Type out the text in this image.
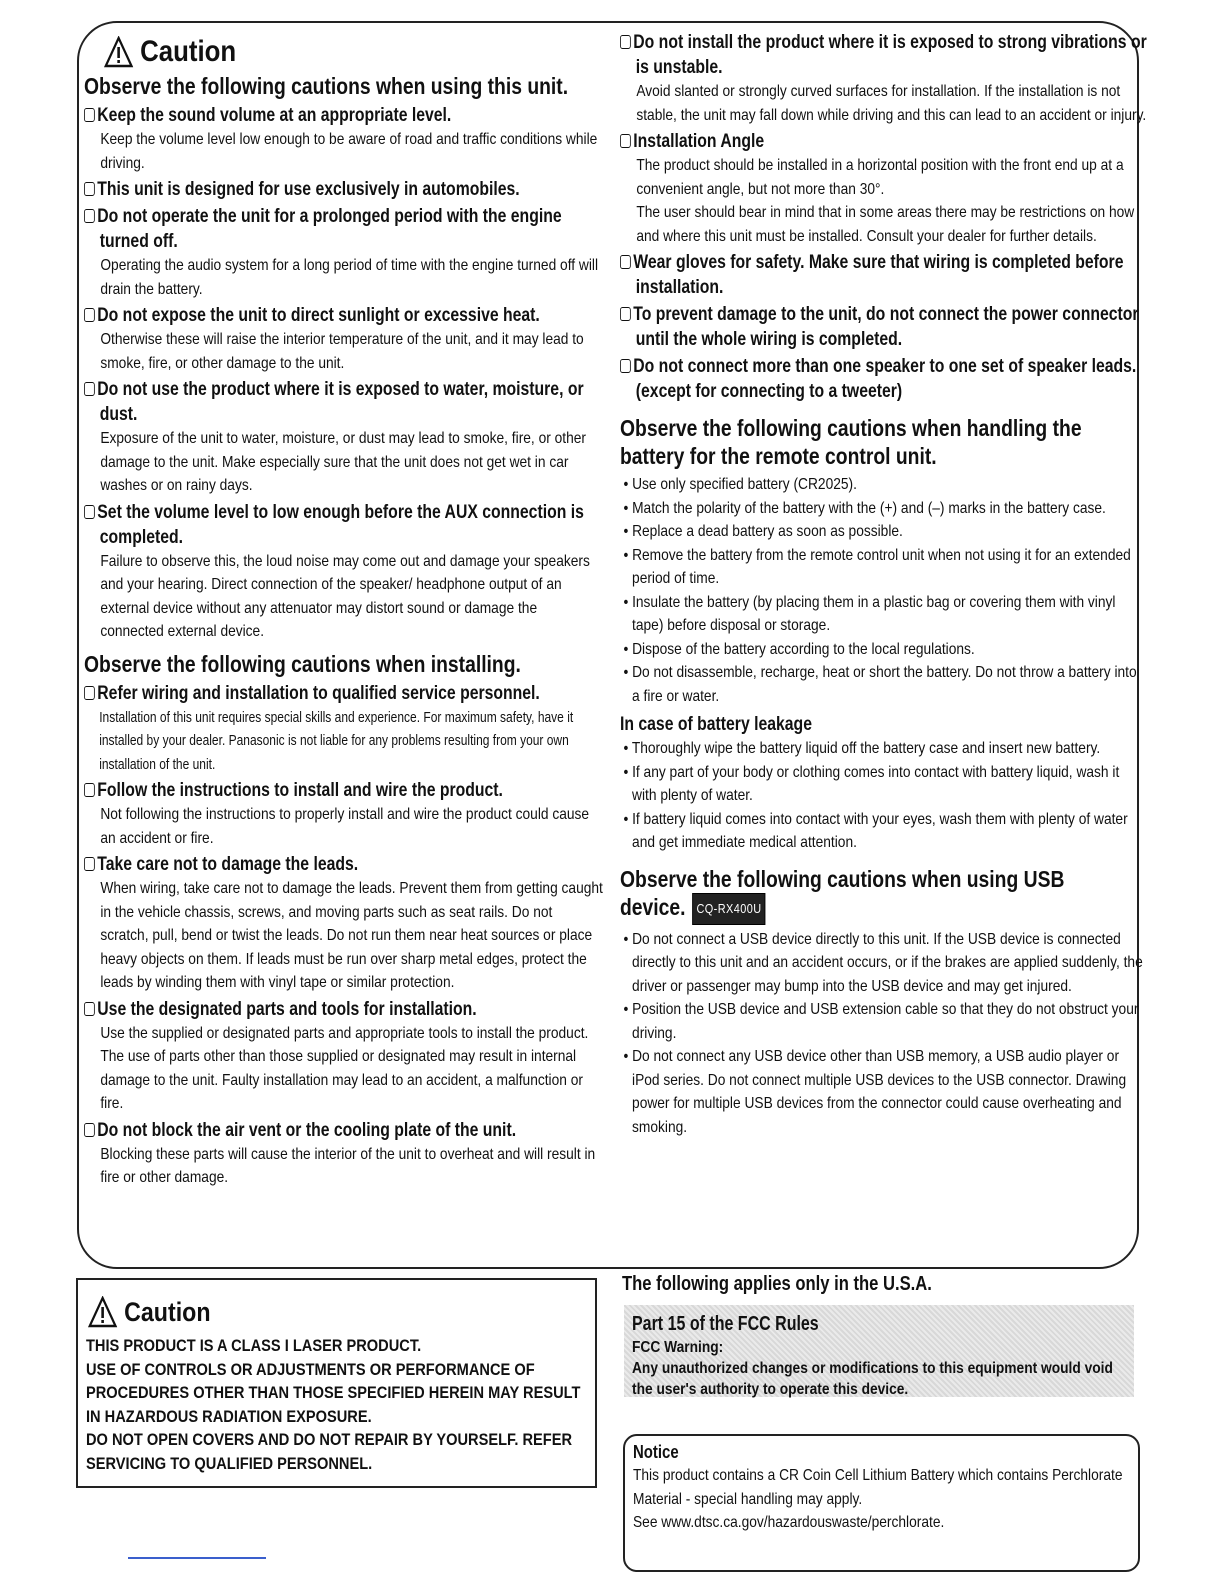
Caution
Observe the following cautions when using this unit.
Keep the sound volume at an appropriate level.
Keep the volume level low enough to be aware of road and traffic conditions while driving.
This unit is designed for use exclusively in automobiles.
Do not operate the unit for a prolonged period with the engine turned off.
Operating the audio system for a long period of time with the engine turned off will drain the battery.
Do not expose the unit to direct sunlight or excessive heat.
Otherwise these will raise the interior temperature of the unit, and it may lead to smoke, fire, or other damage to the unit.
Do not use the product where it is exposed to water, moisture, or dust.
Exposure of the unit to water, moisture, or dust may lead to smoke, fire, or other damage to the unit. Make especially sure that the unit does not get wet in car washes or on rainy days.
Set the volume level to low enough before the AUX connection is completed.
Failure to observe this, the loud noise may come out and damage your speakers and your hearing. Direct connection of the speaker/ headphone output of an external device without any attenuator may distort sound or damage the connected external device.
Observe the following cautions when installing.
Refer wiring and installation to qualified service personnel.
Installation of this unit requires special skills and experience. For maximum safety, have it installed by your dealer. Panasonic is not liable for any problems resulting from your own installation of the unit.
Follow the instructions to install and wire the product.
Not following the instructions to properly install and wire the product could cause an accident or fire.
Take care not to damage the leads.
When wiring, take care not to damage the leads. Prevent them from getting caught in the vehicle chassis, screws, and moving parts such as seat rails. Do not scratch, pull, bend or twist the leads. Do not run them near heat sources or place heavy objects on them. If leads must be run over sharp metal edges, protect the leads by winding them with vinyl tape or similar protection.
Use the designated parts and tools for installation.
Use the supplied or designated parts and appropriate tools to install the product. The use of parts other than those supplied or designated may result in internal damage to the unit. Faulty installation may lead to an accident, a malfunction or fire.
Do not block the air vent or the cooling plate of the unit.
Blocking these parts will cause the interior of the unit to overheat and will result in fire or other damage.
Do not install the product where it is exposed to strong vibrations or is unstable.
Avoid slanted or strongly curved surfaces for installation. If the installation is not stable, the unit may fall down while driving and this can lead to an accident or injury.
Installation Angle
The product should be installed in a horizontal position with the front end up at a convenient angle, but not more than 30°.
The user should bear in mind that in some areas there may be restrictions on how and where this unit must be installed. Consult your dealer for further details.
Wear gloves for safety. Make sure that wiring is completed before installation.
To prevent damage to the unit, do not connect the power connector until the whole wiring is completed.
Do not connect more than one speaker to one set of speaker leads. (except for connecting to a tweeter)
Observe the following cautions when handling the battery for the remote control unit.
• Use only specified battery (CR2025).
• Match the polarity of the battery with the (+) and (–) marks in the battery case.
• Replace a dead battery as soon as possible.
• Remove the battery from the remote control unit when not using it for an extended period of time.
• Insulate the battery (by placing them in a plastic bag or covering them with vinyl tape) before disposal or storage.
• Dispose of the battery according to the local regulations.
• Do not disassemble, recharge, heat or short the battery. Do not throw a battery into a fire or water.
In case of battery leakage
• Thoroughly wipe the battery liquid off the battery case and insert new battery.
• If any part of your body or clothing comes into contact with battery liquid, wash it with plenty of water.
• If battery liquid comes into contact with your eyes, wash them with plenty of water and get immediate medical attention.
Observe the following cautions when using USB device. CQ-RX400U
• Do not connect a USB device directly to this unit. If the USB device is connected directly to this unit and an accident occurs, or if the brakes are applied suddenly, the driver or passenger may bump into the USB device and may get injured.
• Position the USB device and USB extension cable so that they do not obstruct your driving.
• Do not connect any USB device other than USB memory, a USB audio player or iPod series. Do not connect multiple USB devices to the USB connector. Drawing power for multiple USB devices from the connector could cause overheating and smoking.
Caution
THIS PRODUCT IS A CLASS I LASER PRODUCT.
USE OF CONTROLS OR ADJUSTMENTS OR PERFORMANCE OF PROCEDURES OTHER THAN THOSE SPECIFIED HEREIN MAY RESULT IN HAZARDOUS RADIATION EXPOSURE.
DO NOT OPEN COVERS AND DO NOT REPAIR BY YOURSELF. REFER SERVICING TO QUALIFIED PERSONNEL.
The following applies only in the U.S.A.
Part 15 of the FCC Rules
FCC Warning:
Any unauthorized changes or modifications to this equipment would void the user's authority to operate this device.
Notice
This product contains a CR Coin Cell Lithium Battery which contains Perchlorate Material - special handling may apply.
See www.dtsc.ca.gov/hazardouswaste/perchlorate.
